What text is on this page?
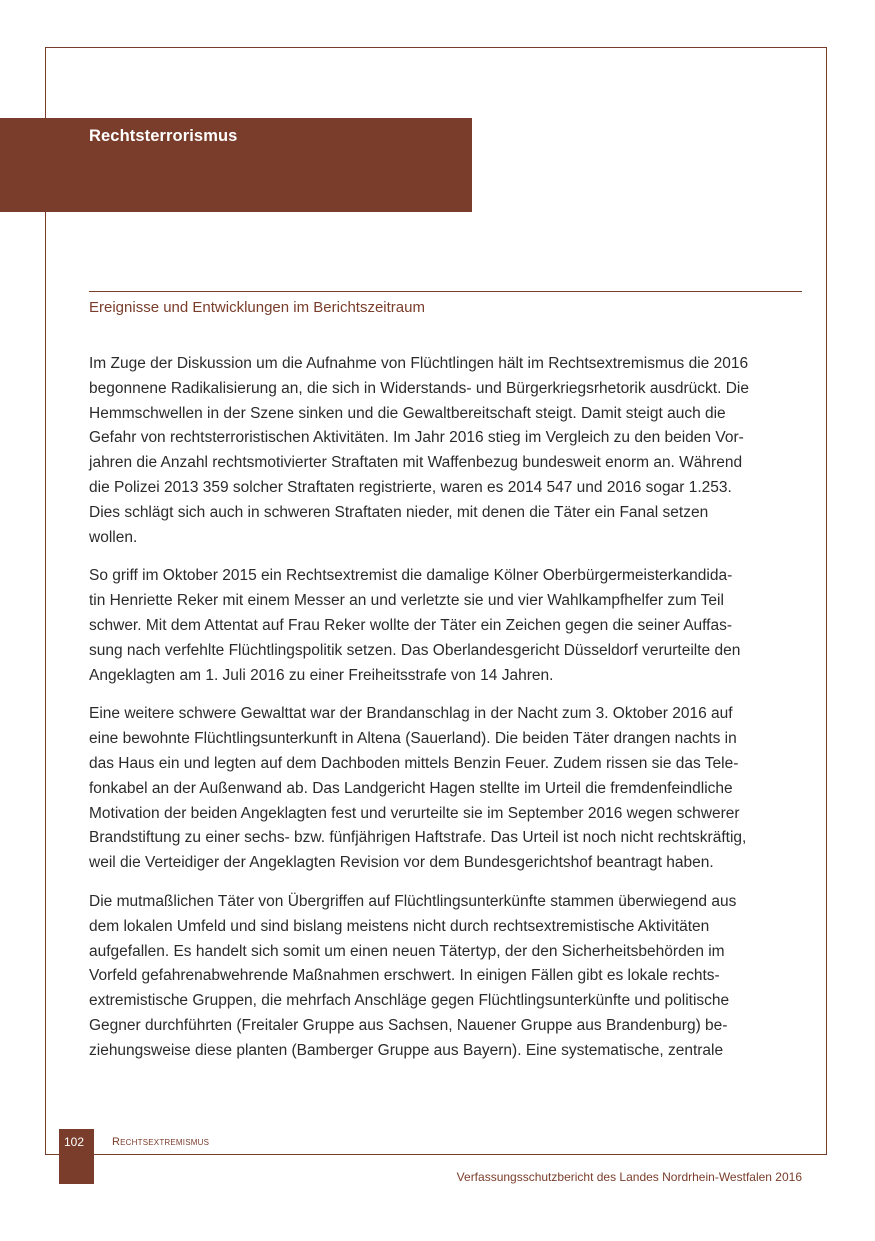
Rechtsterrorismus
Ereignisse und Entwicklungen im Berichtszeitraum

Im Zuge der Diskussion um die Aufnahme von Flüchtlingen hält im Rechtsextremismus die 2016
begonnene Radikalisierung an, die sich in Widerstands- und Bürgerkriegsrhetorik ausdrückt. Die
Hemmschwellen in der Szene sinken und die Gewaltbereitschaft steigt. Damit steigt auch die
Gefahr von rechtsterroristischen Aktivitäten. Im Jahr 2016 stieg im Vergleich zu den beiden Vor-
jahren die Anzahl rechtsmotivierter Straftaten mit Waffenbezug bundesweit enorm an. Während
die Polizei 2013 359 solcher Straftaten registrierte, waren es 2014 547 und 2016 sogar 1.253.
Dies schlägt sich auch in schweren Straftaten nieder, mit denen die Täter ein Fanal setzen
wollen.

So griff im Oktober 2015 ein Rechtsextremist die damalige Kölner Oberbürgermeisterkandida-
tin Henriette Reker mit einem Messer an und verletzte sie und vier Wahlkampfhelfer zum Teil
schwer. Mit dem Attentat auf Frau Reker wollte der Täter ein Zeichen gegen die seiner Auffas-
sung nach verfehlte Flüchtlingspolitik setzen. Das Oberlandesgericht Düsseldorf verurteilte den
Angeklagten am 1. Juli 2016 zu einer Freiheitsstrafe von 14 Jahren.

Eine weitere schwere Gewalttat war der Brandanschlag in der Nacht zum 3. Oktober 2016 auf
eine bewohnte Flüchtlingsunterkunft in Altena (Sauerland). Die beiden Täter drangen nachts in
das Haus ein und legten auf dem Dachboden mittels Benzin Feuer. Zudem rissen sie das Tele-
fonkabel an der Außenwand ab. Das Landgericht Hagen stellte im Urteil die fremdenfeindliche
Motivation der beiden Angeklagten fest und verurteilte sie im September 2016 wegen schwerer
Brandstiftung zu einer sechs- bzw. fünfjährigen Haftstrafe. Das Urteil ist noch nicht rechtskräftig,
weil die Verteidiger der Angeklagten Revision vor dem Bundesgerichtshof beantragt haben.

Die mutmaßlichen Täter von Übergriffen auf Flüchtlingsunterkünfte stammen überwiegend aus
dem lokalen Umfeld und sind bislang meistens nicht durch rechtsextremistische Aktivitäten
aufgefallen. Es handelt sich somit um einen neuen Tätertyp, der den Sicherheitsbehörden im
Vorfeld gefahrenabwehrende Maßnahmen erschwert. In einigen Fällen gibt es lokale rechts-
extremistische Gruppen, die mehrfach Anschläge gegen Flüchtlingsunterkünfte und politische
Gegner durchführten (Freitaler Gruppe aus Sachsen, Nauener Gruppe aus Brandenburg) be-
ziehungsweise diese planten (Bamberger Gruppe aus Bayern). Eine systematische, zentrale

102	Rechtsextremismus
Verfassungsschutzbericht des Landes Nordrhein-Westfalen 2016
